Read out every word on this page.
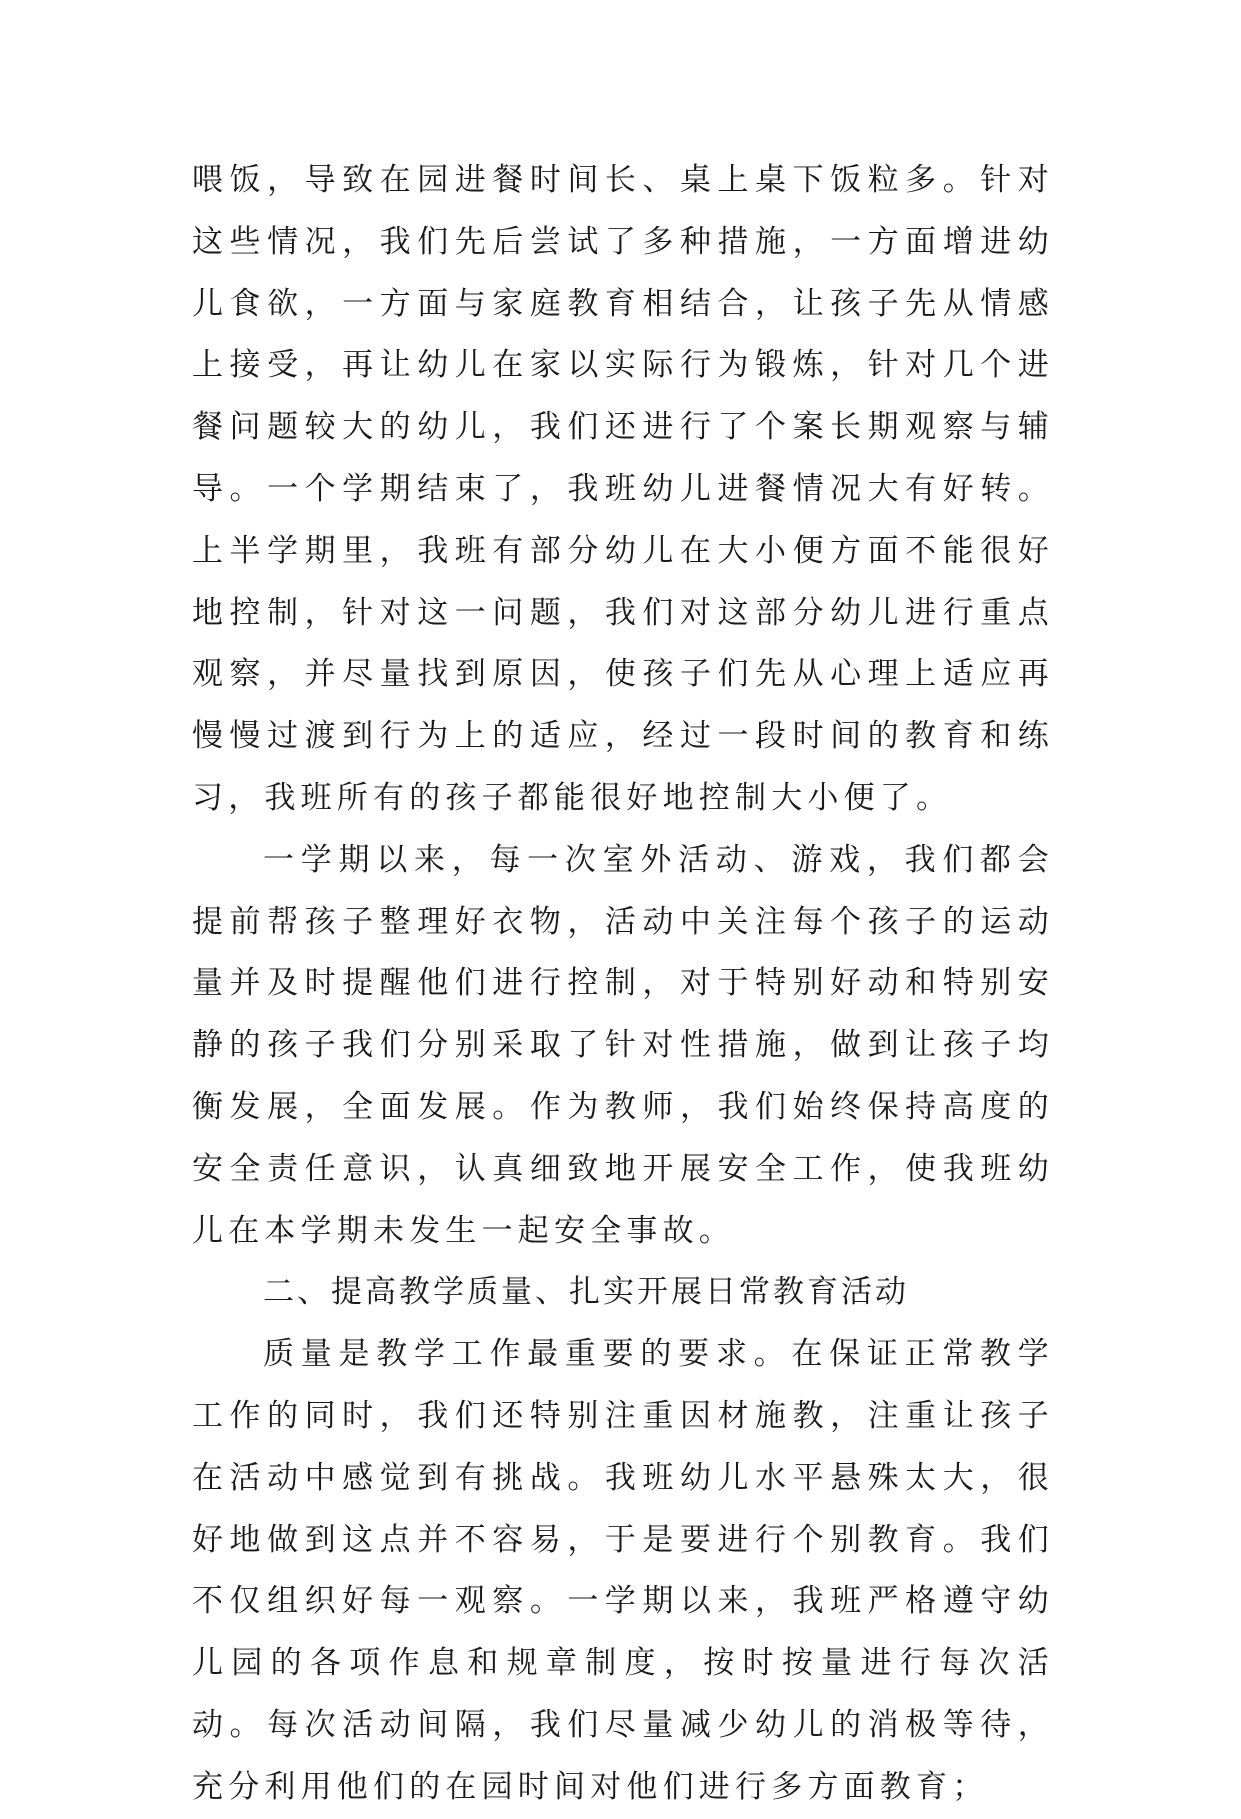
喂饭，导致在园进餐时间长、桌上桌下饭粒多。针对这些情况，我们先后尝试了多种措施，一方面增进幼儿食欲，一方面与家庭教育相结合，让孩子先从情感上接受，再让幼儿在家以实际行为锻炼，针对几个进餐问题较大的幼儿，我们还进行了个案长期观察与辅导。一个学期结束了，我班幼儿进餐情况大有好转。上半学期里，我班有部分幼儿在大小便方面不能很好地控制，针对这一问题，我们对这部分幼儿进行重点观察，并尽量找到原因，使孩子们先从心理上适应再慢慢过渡到行为上的适应，经过一段时间的教育和练习，我班所有的孩子都能很好地控制大小便了。

一学期以来，每一次室外活动、游戏，我们都会提前帮孩子整理好衣物，活动中关注每个孩子的运动量并及时提醒他们进行控制，对于特别好动和特别安静的孩子我们分别采取了针对性措施，做到让孩子均衡发展，全面发展。作为教师，我们始终保持高度的安全责任意识，认真细致地开展安全工作，使我班幼儿在本学期未发生一起安全事故。

二、提高教学质量、扎实开展日常教育活动

质量是教学工作最重要的要求。在保证正常教学工作的同时，我们还特别注重因材施教，注重让孩子在活动中感觉到有挑战。我班幼儿水平悬殊太大，很好地做到这点并不容易，于是要进行个别教育。我们不仅组织好每一观察。一学期以来，我班严格遵守幼儿园的各项作息和规章制度，按时按量进行每次活动。每次活动间隔，我们尽量减少幼儿的消极等待，充分利用他们的在园时间对他们进行多方面教育；
